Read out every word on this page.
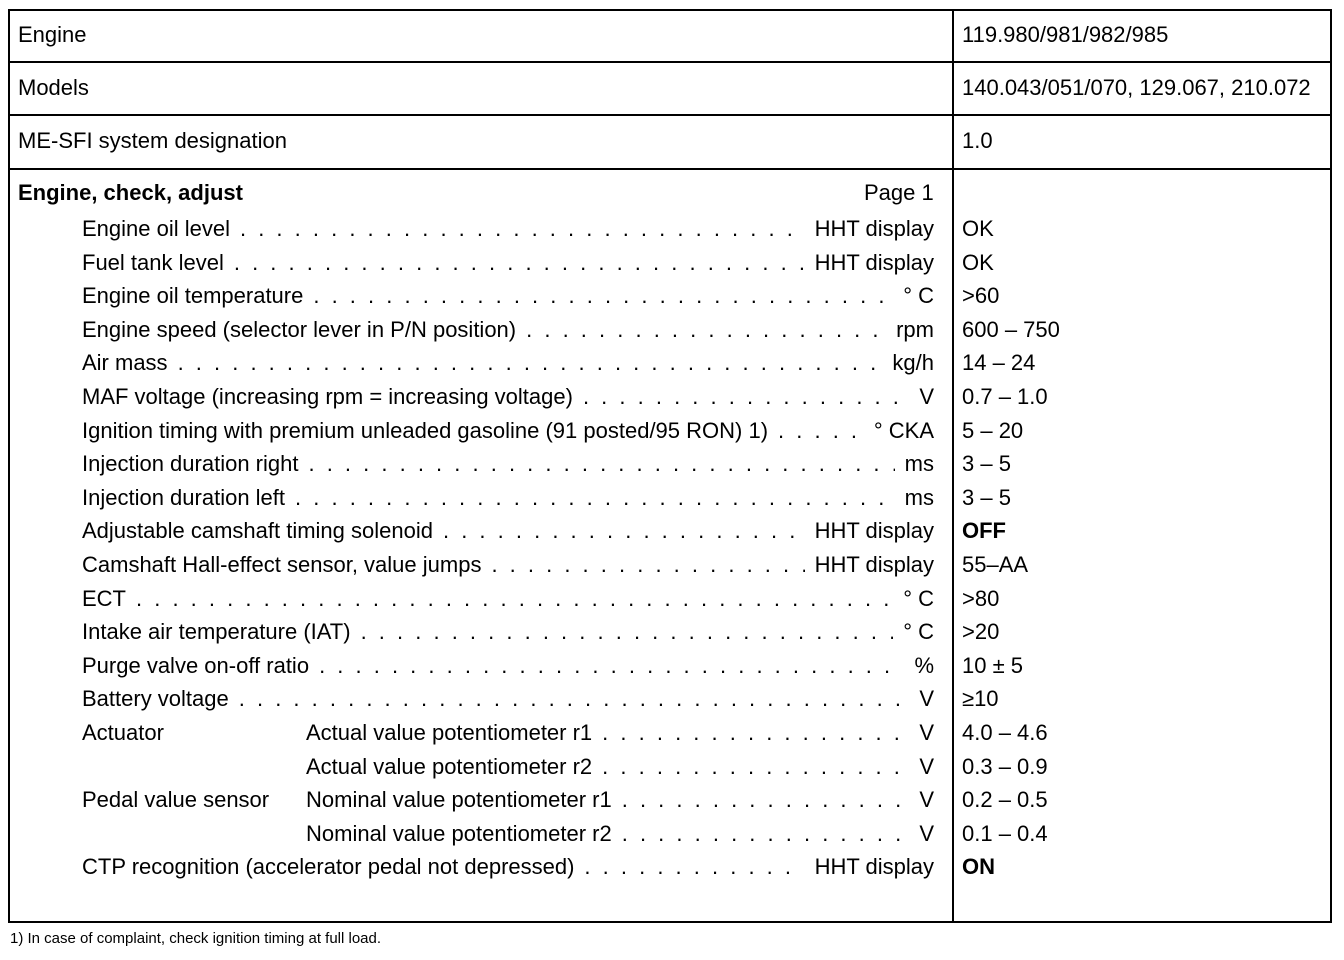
Engine	119.980/981/982/985
Models	140.043/051/070, 129.067, 210.072
ME-SFI system designation	1.0
Engine, check, adjust	Page 1
Engine oil level . . .	HHT display OK
Fuel tank level . . .	HHT display OK
Engine oil temperature . . .	° C >60
Engine speed (selector lever in P/N position) . . .	rpm 600 – 750
Air mass . . .	kg/h 14 – 24
MAF voltage (increasing rpm = increasing voltage) . . .	V 0.7 – 1.0
Ignition timing with premium unleaded gasoline (91 posted/95 RON) 1) . . .	° CKA 5 – 20
Injection duration right . . .	ms 3 – 5
Injection duration left . . .	ms 3 – 5
Adjustable camshaft timing solenoid . . .	HHT display OFF
Camshaft Hall-effect sensor, value jumps . . .	HHT display 55–AA
ECT . . .	° C >80
Intake air temperature (IAT) . . .	° C >20
Purge valve on-off ratio . . .	% 10 ± 5
Battery voltage . . .	V ≥10
Actuator	Actual value potentiometer r1 . . .	V 4.0 – 4.6
Actual value potentiometer r2 . . .	V 0.3 – 0.9
Pedal value sensor	Nominal value potentiometer r1 . . .	V 0.2 – 0.5
Nominal value potentiometer r2 . . .	V 0.1 – 0.4
CTP recognition (accelerator pedal not depressed) . . .	HHT display ON
1) In case of complaint, check ignition timing at full load.
